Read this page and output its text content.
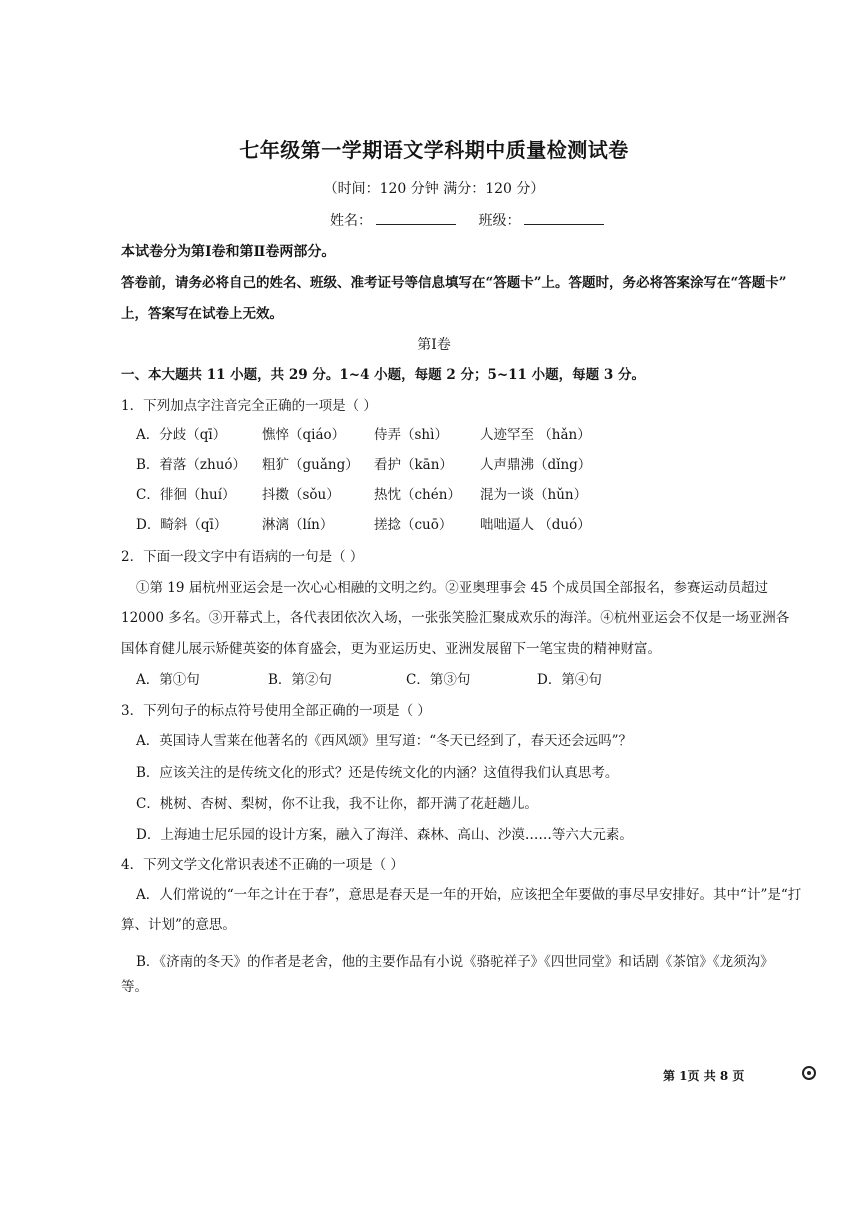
七年级第一学期语文学科期中质量检测试卷
（时间：120 分钟 满分：120 分）
姓名：	班级：
本试卷分为第Ⅰ卷和第Ⅱ卷两部分。
答卷前，请务必将自己的姓名、班级、准考证号等信息填写在“答题卡”上。答题时，务必将答案涂写在“答题卡”
上，答案写在试卷上无效。
第Ⅰ卷
一、本大题共 11 小题，共 29 分。1~4 小题，每题 2 分；5~11 小题，每题 3 分。
1．下列加点字注音完全正确的一项是（ ）
A．分歧（qī）	憔悴（qiáo） 侍弄（shì） 人迹罕至 （hǎn）
B．着落（zhuó） 粗犷（guǎng） 看护（kān） 人声鼎沸（dǐng）
C．徘徊（huí） 抖擞（sǒu）	热忱（chén） 混为一谈（hǔn）
D．畸斜（qī）	淋漓（lín）	搓捻（cuō） 咄咄逼人 （duó）
2．下面一段文字中有语病的一句是（ ）
①第 19 届杭州亚运会是一次心心相融的文明之约。②亚奥理事会 45 个成员国全部报名，参赛运动员超过
12000 多名。③开幕式上，各代表团依次入场，一张张笑脸汇聚成欢乐的海洋。④杭州亚运会不仅是一场亚洲各
国体育健儿展示矫健英姿的体育盛会，更为亚运历史、亚洲发展留下一笔宝贵的精神财富。
A．第①句	B．第②句	C．第③句	D．第④句
3．下列句子的标点符号使用全部正确的一项是（ ）
A．英国诗人雪莱在他著名的《西风颂》里写道：“冬天已经到了，春天还会远吗”？
B．应该关注的是传统文化的形式？还是传统文化的内涵？这值得我们认真思考。
C．桃树、杏树、梨树，你不让我，我不让你，都开满了花赶趟儿。
D．上海迪士尼乐园的设计方案，融入了海洋、森林、高山、沙漠……等六大元素。
4．下列文学文化常识表述不正确的一项是（ ）
A．人们常说的“一年之计在于春”，意思是春天是一年的开始，应该把全年要做的事尽早安排好。其中“计”是“打
算、计划”的意思。
B．《济南的冬天》的作者是老舍，他的主要作品有小说《骆驼祥子》《四世同堂》和话剧《茶馆》《龙须沟》
等。
第 1页 共 8 页
